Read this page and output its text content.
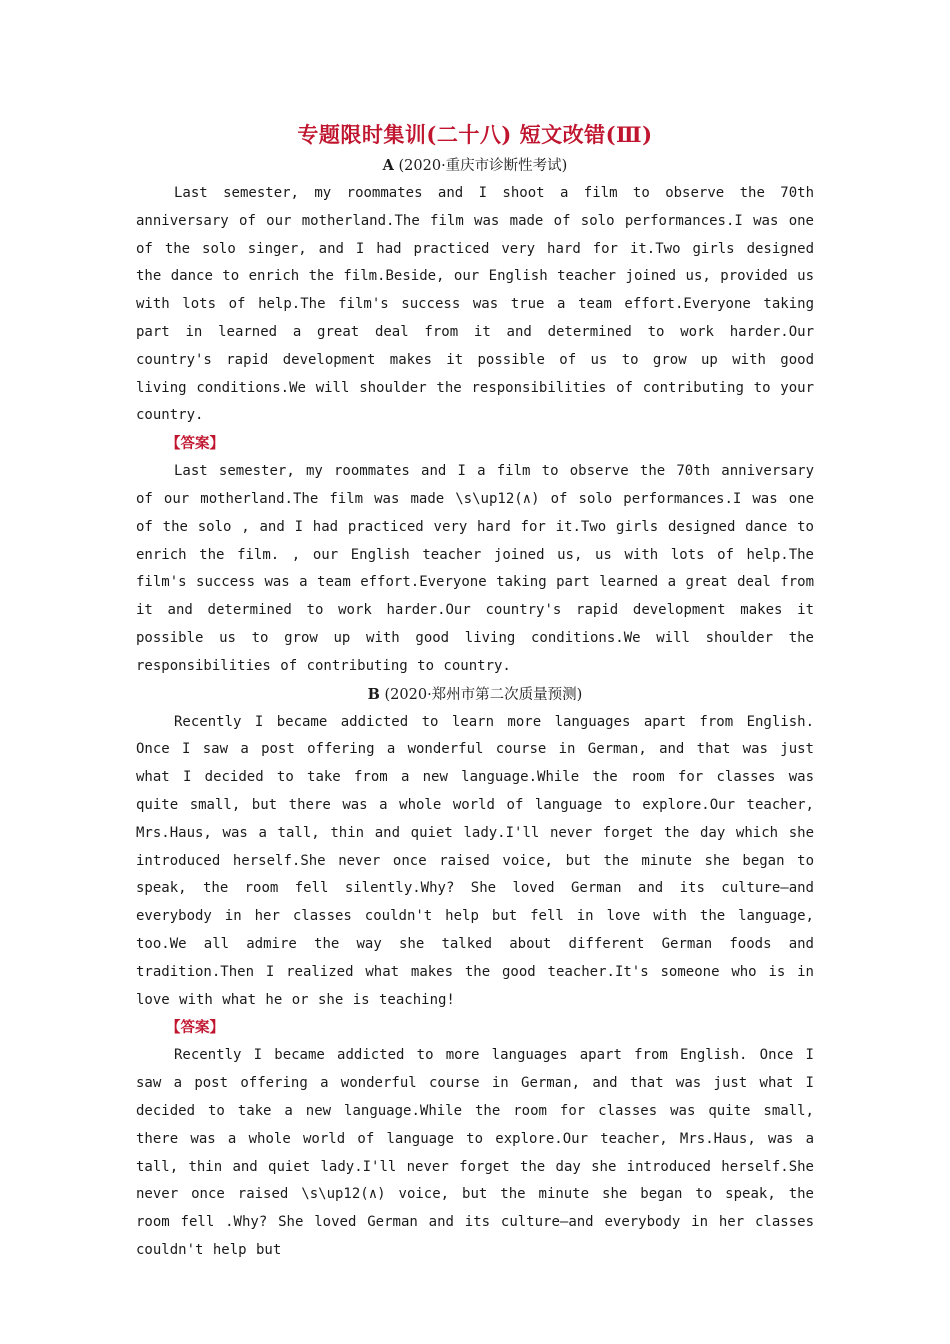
专题限时集训(二十八) 短文改错(Ⅲ)

A (2020·重庆市诊断性考试)

Last semester, my roommates and I shoot a film to observe the 70th anniversary of our motherland.The film was made of solo performances.I was one of the solo singer, and I had practiced very hard for it.Two girls designed the dance to enrich the film.Beside, our English teacher joined us, provided us with lots of help.The film's success was true a team effort.Everyone taking part in learned a great deal from it and determined to work harder.Our country's rapid development makes it possible of us to grow up with good living conditions.We will shoulder the responsibilities of contributing to your country.

【答案】

Last semester, my roommates and I a film to observe the 70th anniversary of our motherland.The film was made \s\up12(∧) of solo performances.I was one of the solo , and I had practiced very hard for it.Two girls designed dance to enrich the film. , our English teacher joined us, us with lots of help.The film's success was a team effort.Everyone taking part learned a great deal from it and determined to work harder.Our country's rapid development makes it possible us to grow up with good living conditions.We will shoulder the responsibilities of contributing to country.

B (2020·郑州市第二次质量预测)

Recently I became addicted to learn more languages apart from English. Once I saw a post offering a wonderful course in German, and that was just what I decided to take from a new language.While the room for classes was quite small, but there was a whole world of language to explore.Our teacher, Mrs.Haus, was a tall, thin and quiet lady.I'll never forget the day which she introduced herself.She never once raised voice, but the minute she began to speak, the room fell silently.Why? She loved German and its culture—and everybody in her classes couldn't help but fell in love with the language, too.We all admire the way she talked about different German foods and tradition.Then I realized what makes the good teacher.It's someone who is in love with what he or she is teaching!

【答案】

Recently I became addicted to more languages apart from English. Once I saw a post offering a wonderful course in German, and that was just what I decided to take a new language.While the room for classes was quite small, there was a whole world of language to explore.Our teacher, Mrs.Haus, was a tall, thin and quiet lady.I'll never forget the day she introduced herself.She never once raised \s\up12(∧) voice, but the minute she began to speak, the room fell .Why? She loved German and its culture—and everybody in her classes couldn't help but
